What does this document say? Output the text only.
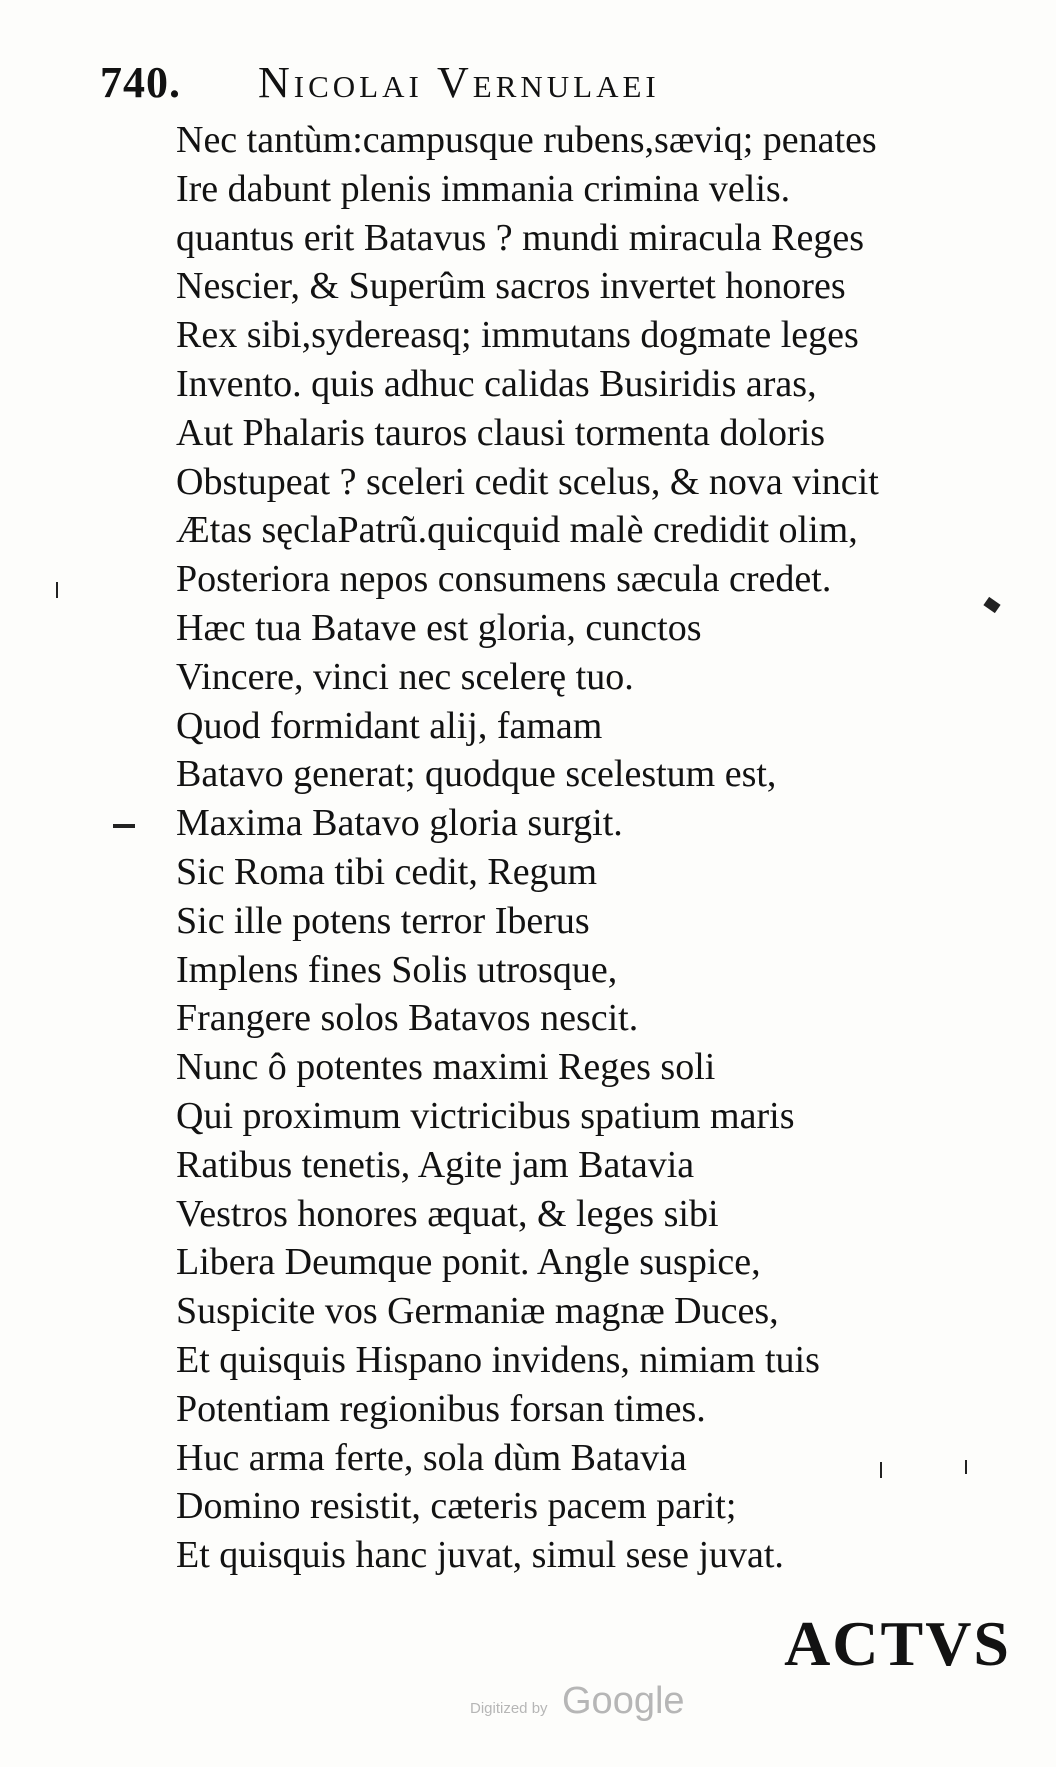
740. Nicolai Vernulaei
Nec tantùm:campusque rubens,sæviq; penates
Ire dabunt plenis immania crimina velis.
quantus erit Batavus ? mundi miracula Reges
Nescier, & Superûm sacros invertet honores
Rex sibi,sydereasq; immutans dogmate leges
Invento. quis adhuc calidas Busiridis aras,
Aut Phalaris tauros clausi tormenta doloris
Obstupeat ? sceleri cedit scelus, & nova vincit
Ætas sęclaPatrũ.quicquid malè credidit olim,
Posteriora nepos consumens sæcula credet.
Hæc tua Batave est gloria, cunctos
Vincere, vinci nec scelerę tuo.
Quod formidant alij, famam
Batavo generat; quodque scelestum est,
Maxima Batavo gloria surgit.
Sic Roma tibi cedit, Regum
Sic ille potens terror Iberus
Implens fines Solis utrosque,
Frangere solos Batavos nescit.
Nunc ô potentes maximi Reges soli
Qui proximum victricibus spatium maris
Ratibus tenetis, Agite jam Batavia
Vestros honores æquat, & leges sibi
Libera Deumque ponit. Angle suspice,
Suspicite vos Germaniæ magnæ Duces,
Et quisquis Hispano invidens, nimiam tuis
Potentiam regionibus forsan times.
Huc arma ferte, sola dùm Batavia
Domino resistit, cæteris pacem parit;
Et quisquis hanc juvat, simul sese juvat.
ACTVS
Digitized by Google
